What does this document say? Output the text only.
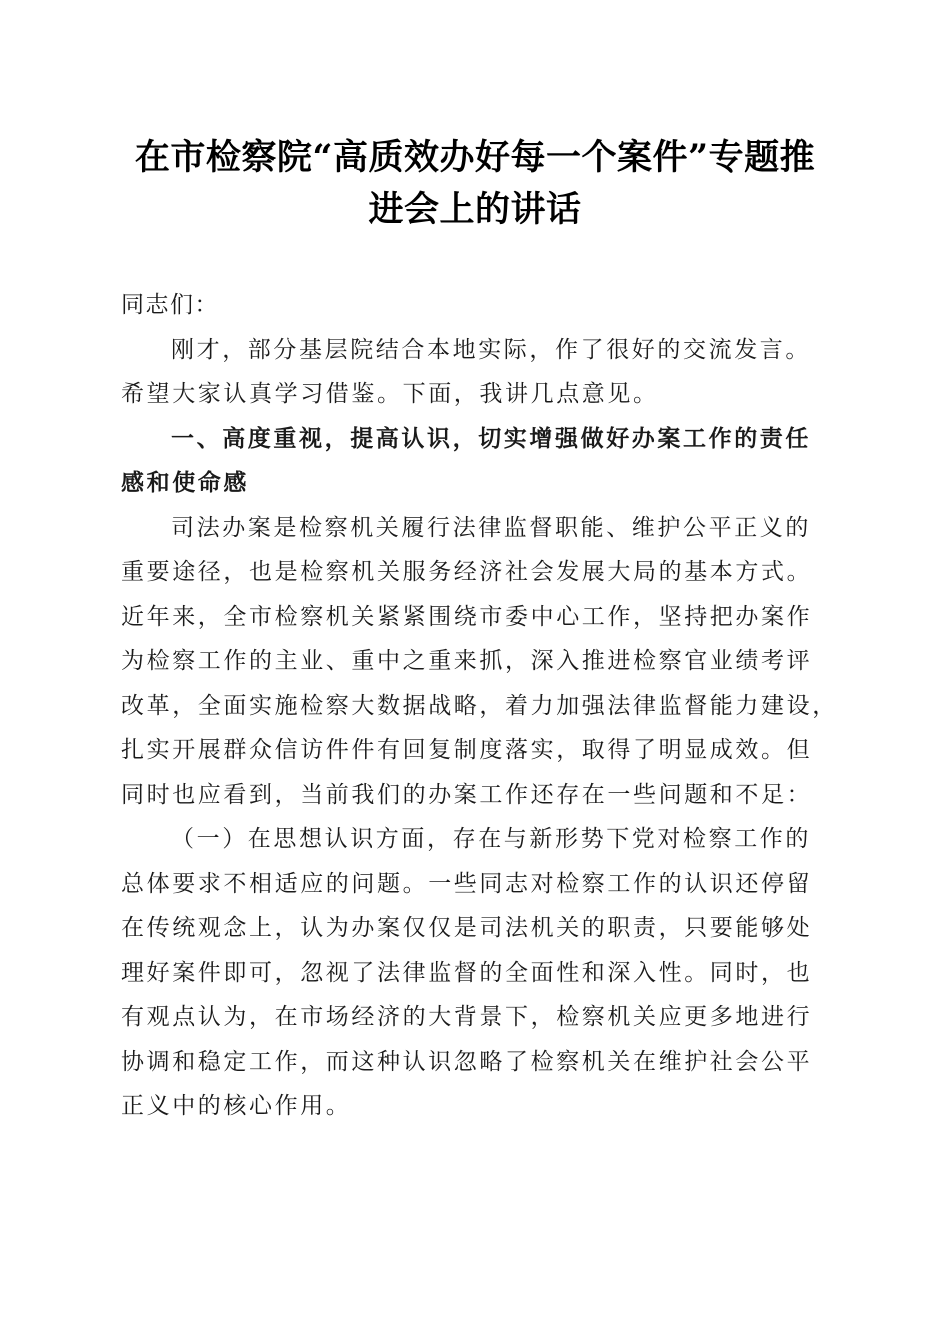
在市检察院“高质效办好每一个案件”专题推
进会上的讲话
同志们：
刚才，部分基层院结合本地实际，作了很好的交流发言。
希望大家认真学习借鉴。下面，我讲几点意见。
一、高度重视，提高认识，切实增强做好办案工作的责任
感和使命感
司法办案是检察机关履行法律监督职能、维护公平正义的
重要途径，也是检察机关服务经济社会发展大局的基本方式。
近年来，全市检察机关紧紧围绕市委中心工作，坚持把办案作
为检察工作的主业、重中之重来抓，深入推进检察官业绩考评
改革，全面实施检察大数据战略，着力加强法律监督能力建设，
扎实开展群众信访件件有回复制度落实，取得了明显成效。但
同时也应看到，当前我们的办案工作还存在一些问题和不足：
（一）在思想认识方面，存在与新形势下党对检察工作的
总体要求不相适应的问题。一些同志对检察工作的认识还停留
在传统观念上，认为办案仅仅是司法机关的职责，只要能够处
理好案件即可，忽视了法律监督的全面性和深入性。同时，也
有观点认为，在市场经济的大背景下，检察机关应更多地进行
协调和稳定工作，而这种认识忽略了检察机关在维护社会公平
正义中的核心作用。
